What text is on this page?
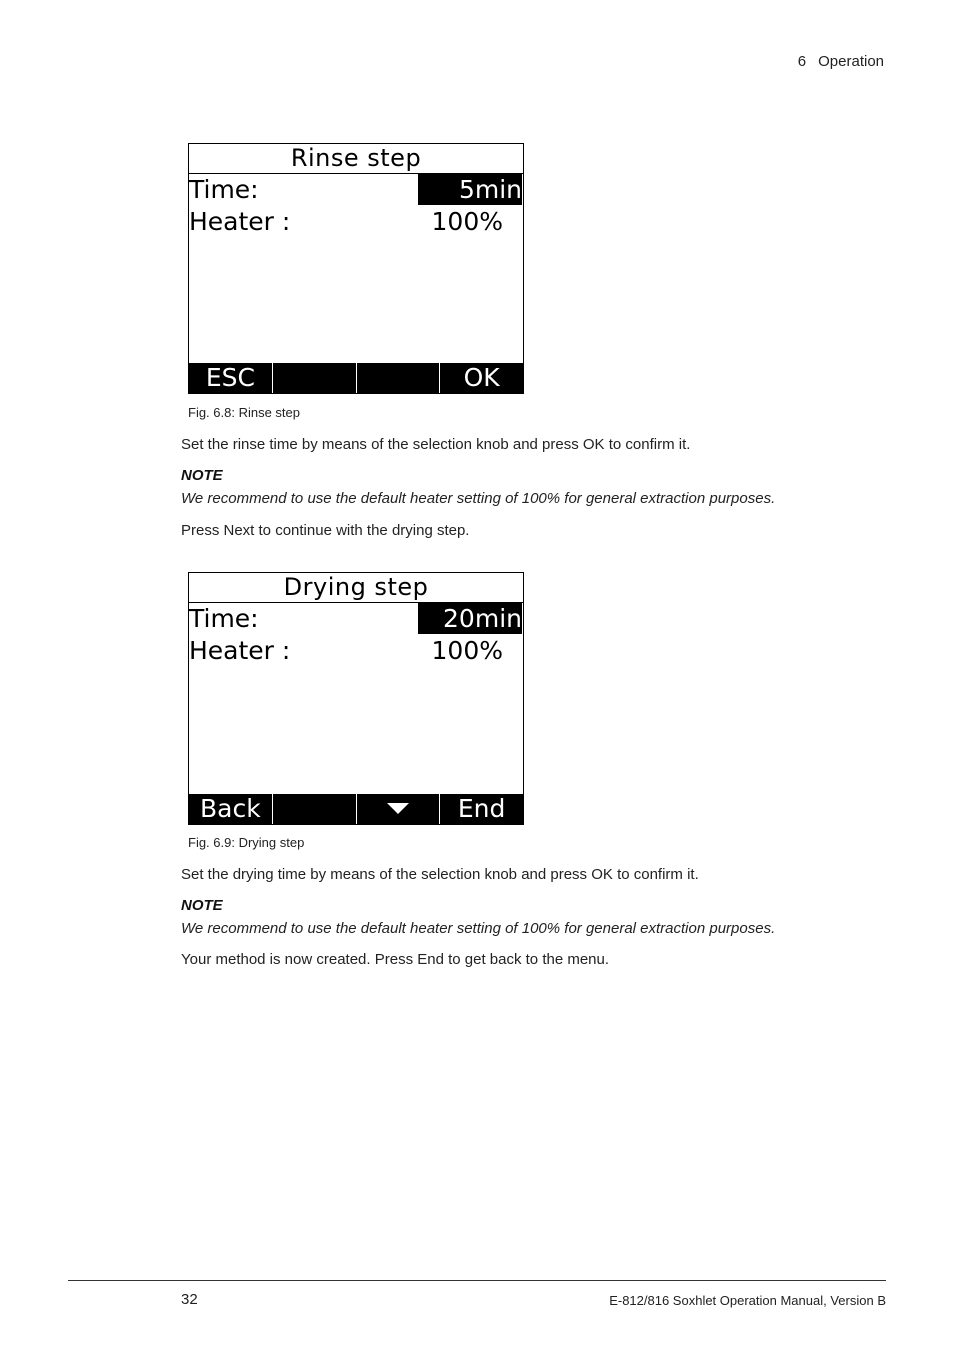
6 Operation
Rinse step
Time:	5min
Heater :	100%
ESC	OK
Fig. 6.8: Rinse step
Set the rinse time by means of the selection knob and press OK to confirm it.
NOTE
We recommend to use the default heater setting of 100% for general extraction purposes.
Press Next to continue with the drying step.
Drying step
Time:	20min
Heater :	100%
Back	End
Fig. 6.9: Drying step
Set the drying time by means of the selection knob and press OK to confirm it.
NOTE
We recommend to use the default heater setting of 100% for general extraction purposes.
Your method is now created. Press End to get back to the menu.
32	E-812/816 Soxhlet Operation Manual, Version B
